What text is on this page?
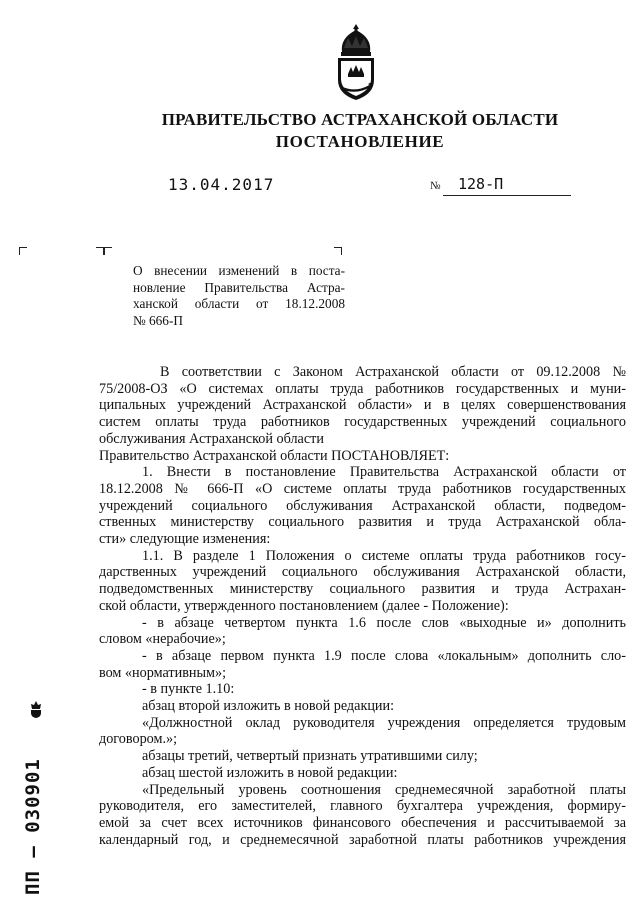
ПРАВИТЕЛЬСТВО АСТРАХАНСКОЙ ОБЛАСТИ
ПОСТАНОВЛЕНИЕ
13.04.2017	№ 128-П
О внесении изменений в поста-
новление Правительства Астра-
ханской области от 18.12.2008
№ 666-П
В соответствии с Законом Астраханской области от 09.12.2008 №
75/2008-ОЗ «О системах оплаты труда работников государственных и муни-
ципальных учреждений Астраханской области» и в целях совершенствования
систем оплаты труда работников государственных учреждений социального
обслуживания Астраханской области
Правительство Астраханской области ПОСТАНОВЛЯЕТ:
1. Внести в постановление Правительства Астраханской области от
18.12.2008 № 666-П «О системе оплаты труда работников государственных
учреждений социального обслуживания Астраханской области, подведом-
ственных министерству социального развития и труда Астраханской обла-
сти» следующие изменения:
1.1. В разделе 1 Положения о системе оплаты труда работников госу-
дарственных учреждений социального обслуживания Астраханской области,
подведомственных министерству социального развития и труда Астрахан-
ской области, утвержденного постановлением (далее - Положение):
- в абзаце четвертом пункта 1.6 после слов «выходные и» дополнить
словом «нерабочие»;
- в абзаце первом пункта 1.9 после слова «локальным» дополнить сло-
вом «нормативным»;
- в пункте 1.10:
абзац второй изложить в новой редакции:
«Должностной оклад руководителя учреждения определяется трудовым
договором.»;
абзацы третий, четвертый признать утратившими силу;
абзац шестой изложить в новой редакции:
«Предельный уровень соотношения среднемесячной заработной платы
руководителя, его заместителей, главного бухгалтера учреждения, формиру-
емой за счет всех источников финансового обеспечения и рассчитываемой за
календарный год, и среднемесячной заработной платы работников учреждения
ПП – 030901
